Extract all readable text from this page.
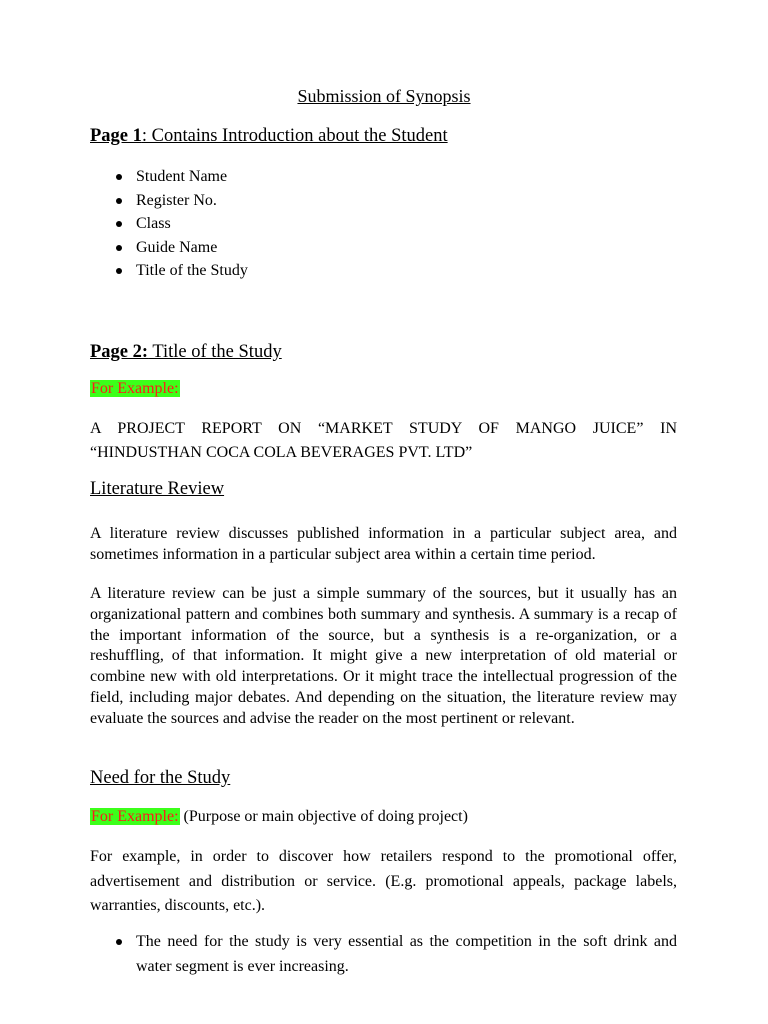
Submission of Synopsis
Page 1: Contains Introduction about the Student
Student Name
Register No.
Class
Guide Name
Title of the Study
Page 2: Title of the Study
For Example:
A PROJECT REPORT ON “MARKET STUDY OF MANGO JUICE” IN
“HINDUSTHAN COCA COLA BEVERAGES PVT. LTD”
Literature Review
A literature review discusses published information in a particular subject area, and sometimes information in a particular subject area within a certain time period.
A literature review can be just a simple summary of the sources, but it usually has an organizational pattern and combines both summary and synthesis. A summary is a recap of the important information of the source, but a synthesis is a re-organization, or a reshuffling, of that information. It might give a new interpretation of old material or combine new with old interpretations. Or it might trace the intellectual progression of the field, including major debates. And depending on the situation, the literature review may evaluate the sources and advise the reader on the most pertinent or relevant.
Need for the Study
For Example: (Purpose or main objective of doing project)
For example, in order to discover how retailers respond to the promotional offer, advertisement and distribution or service. (E.g. promotional appeals, package labels, warranties, discounts, etc.).
The need for the study is very essential as the competition in the soft drink and water segment is ever increasing.
